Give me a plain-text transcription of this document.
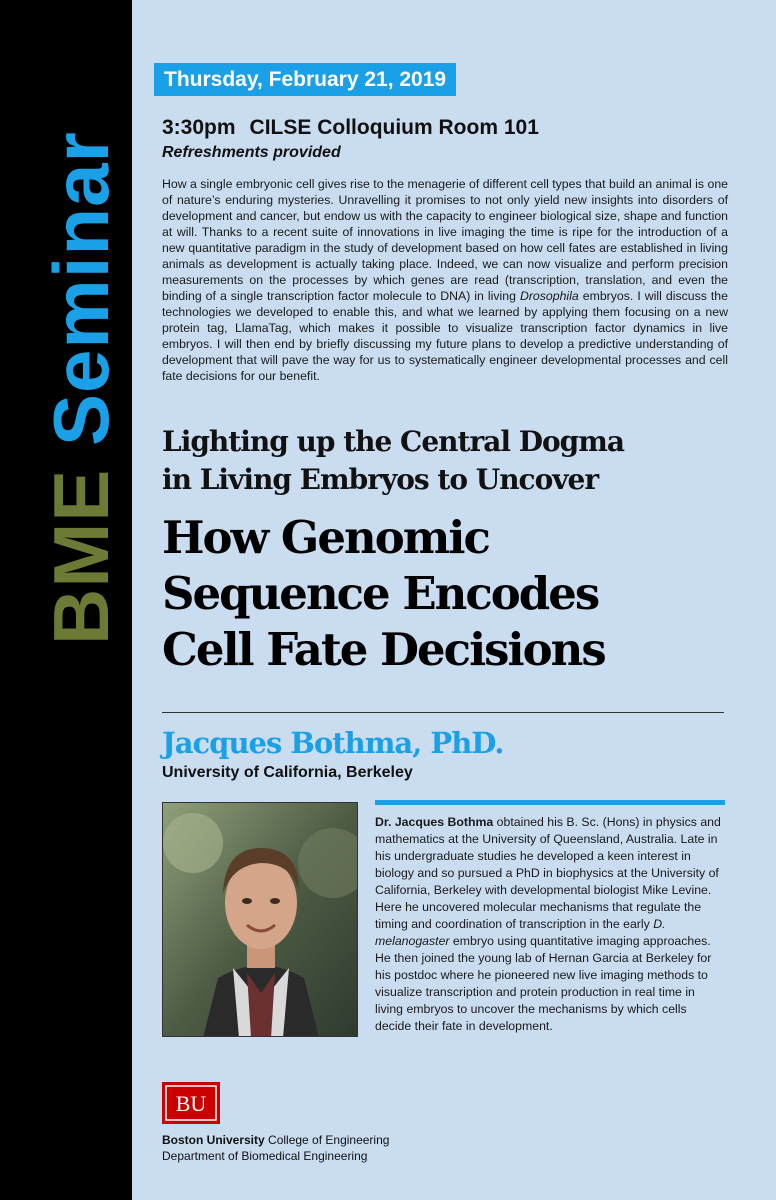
BME Seminar
Thursday, February 21, 2019
3:30pm CILSE Colloquium Room 101
Refreshments provided
How a single embryonic cell gives rise to the menagerie of different cell types that build an animal is one of nature’s enduring mysteries. Unravelling it promises to not only yield new insights into disorders of development and cancer, but endow us with the capacity to engineer biological size, shape and function at will. Thanks to a recent suite of innovations in live imaging the time is ripe for the introduction of a new quantitative paradigm in the study of development based on how cell fates are established in living animals as development is actually taking place. Indeed, we can now visualize and perform precision measurements on the processes by which genes are read (transcription, translation, and even the binding of a single transcription factor molecule to DNA) in living Drosophila embryos. I will discuss the technologies we developed to enable this, and what we learned by applying them focusing on a new protein tag, LlamaTag, which makes it possible to visualize transcription factor dynamics in live embryos. I will then end by briefly discussing my future plans to develop a predictive understanding of development that will pave the way for us to systematically engineer developmental processes and cell fate decisions for our benefit.
Lighting up the Central Dogma
in Living Embryos to Uncover
How Genomic
Sequence Encodes
Cell Fate Decisions
Jacques Bothma, PhD.
University of California, Berkeley
Dr. Jacques Bothma obtained his B. Sc. (Hons) in physics and mathematics at the University of Queensland, Australia. Late in his undergraduate studies he developed a keen interest in biology and so pursued a PhD in biophysics at the University of California, Berkeley with developmental biologist Mike Levine. Here he uncovered molecular mechanisms that regulate the timing and coordination of transcription in the early D. melanogaster embryo using quantitative imaging approaches. He then joined the young lab of Hernan Garcia at Berkeley for his postdoc where he pioneered new live imaging methods to visualize transcription and protein production in real time in living embryos to uncover the mechanisms by which cells decide their fate in development.
BU
Boston University College of Engineering
Department of Biomedical Engineering
